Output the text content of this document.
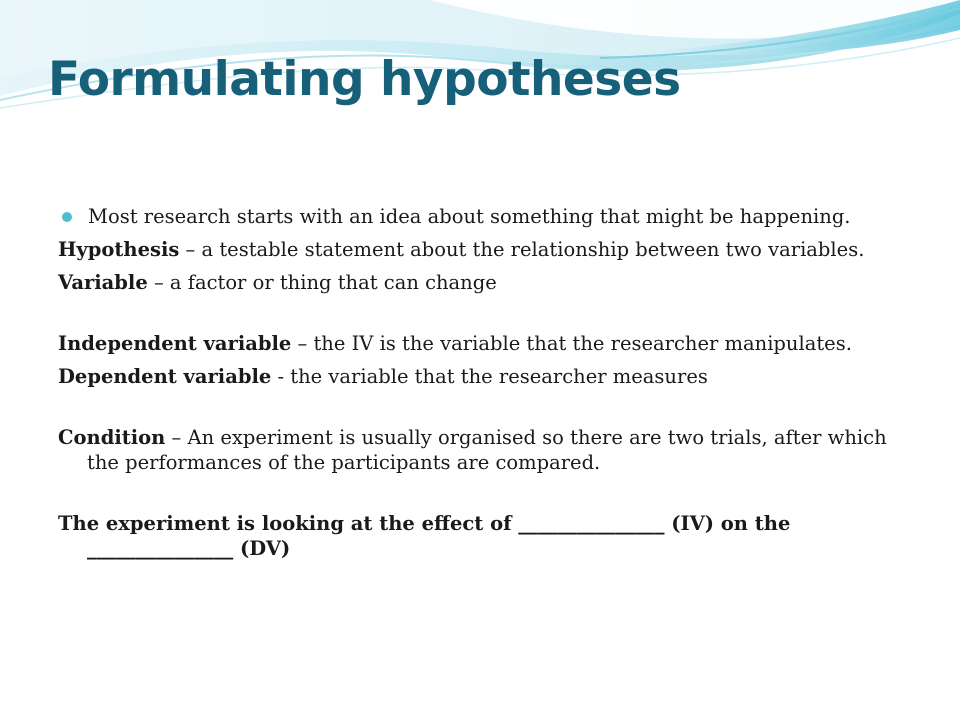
Formulating hypotheses

Most research starts with an idea about something that might be happening.

Hypothesis – a testable statement about the relationship between two variables.

Variable – a factor or thing that can change

Independent variable – the IV is the variable that the researcher manipulates.

Dependent variable - the variable that the researcher measures

Condition – An experiment is usually organised so there are two trials, after which the performances of the participants are compared.

The experiment is looking at the effect of _______________ (IV) on the _______________ (DV)
